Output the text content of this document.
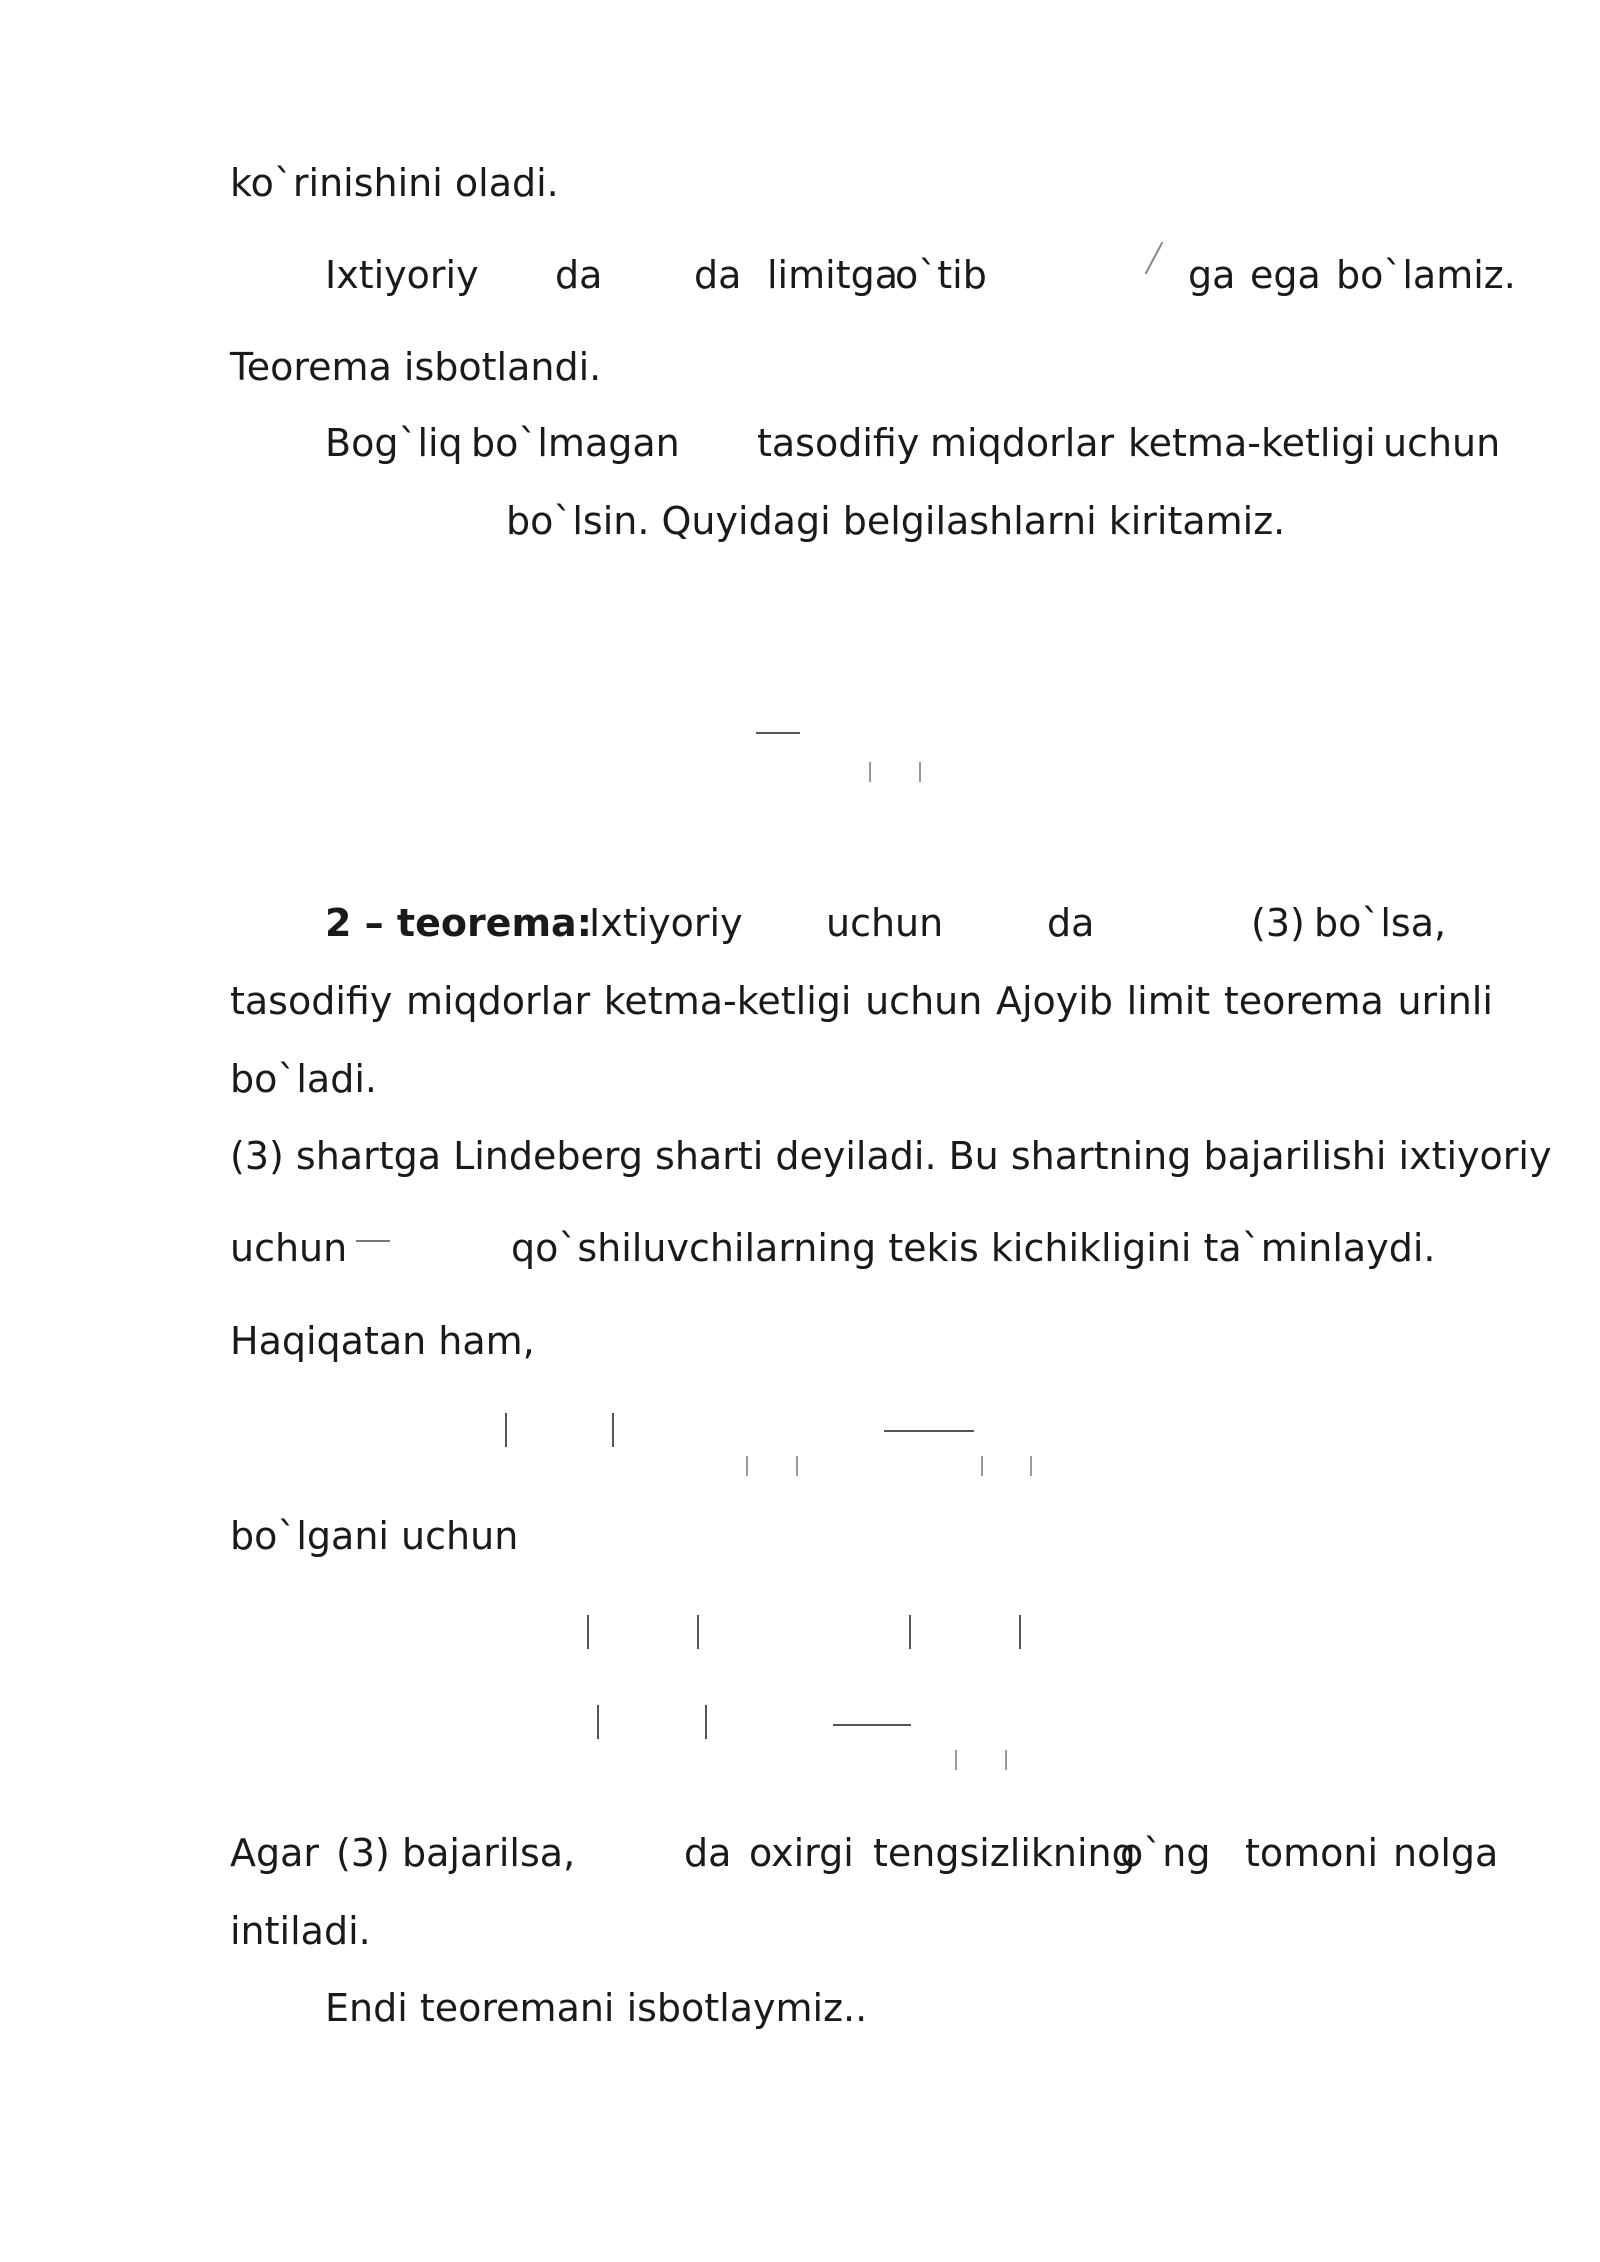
ko`rinishini oladi.
Ixtiyoriy da da limitga
o`tib	ga ega bo`lamiz.
Teorema isbotlandi.
Bog`liq bo`lmagan tasodifiy miqdorlar ketma-ketligi uchun
bo`lsin. Quyidagi belgilashlarni kiritamiz.
2 – teorema:
Ixtiyoriy uchun	da	(3) bo`lsa,
tasodifiy miqdorlar ketma-ketligi uchun Ajoyib limit teorema urinli
bo`ladi.
(3) shartga Lindeberg sharti deyiladi. Bu shartning bajarilishi ixtiyoriy
uchun	qo`shiluvchilarning tekis kichikligini ta`minlaydi.
Haqiqatan ham,
bo`lgani uchun
Agar (3) bajarilsa,	da oxirgi tengsizlikning
o`ng tomoni nolga
intiladi.
Endi teoremani isbotlaymiz..
